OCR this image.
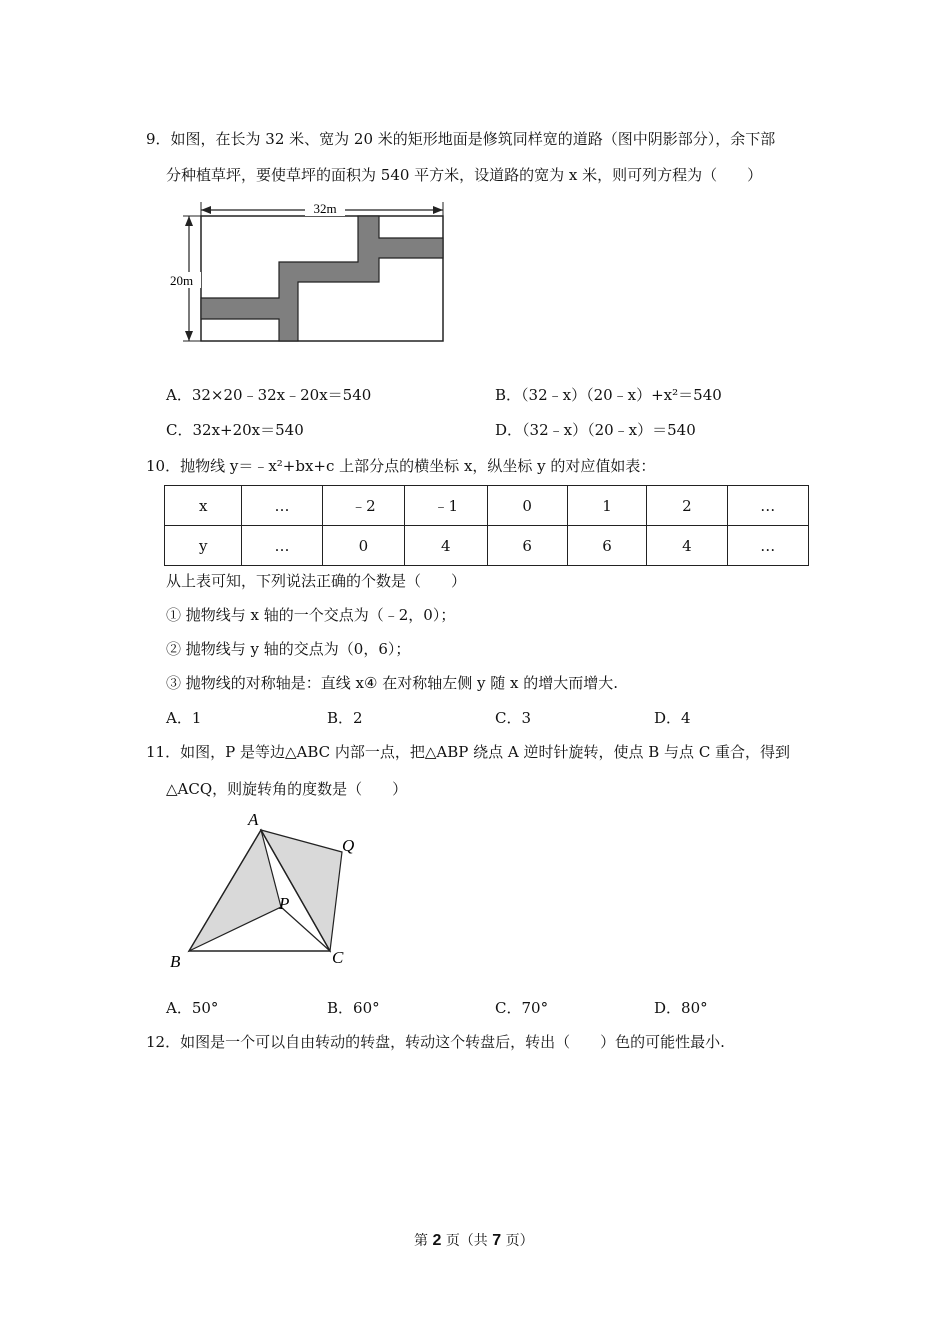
9．如图，在长为 32 米、宽为 20 米的矩形地面是修筑同样宽的道路（图中阴影部分），余下部
分种植草坪，要使草坪的面积为 540 平方米，设道路的宽为 x 米，则可列方程为（　　）
32m
20m
A．32×20﹣32x﹣20x＝540	B．（32﹣x）（20﹣x）+x²＝540
C．32x+20x＝540	D．（32﹣x）（20﹣x）＝540
10．抛物线 y＝﹣x²+bx+c 上部分点的横坐标 x，纵坐标 y 的对应值如表：
x	…	﹣2	﹣1	0	1	2	…
y	…	0	4	6	6	4	…
从上表可知，下列说法正确的个数是（　　）
① 抛物线与 x 轴的一个交点为（﹣2，0）；
② 抛物线与 y 轴的交点为（0，6）；
③ 抛物线的对称轴是：直线 x④ 在对称轴左侧 y 随 x 的增大而增大.
A．1	B．2	C．3	D．4
11．如图，P 是等边△ABC 内部一点，把△ABP 绕点 A 逆时针旋转，使点 B 与点 C 重合，得到
△ACQ，则旋转角的度数是（　　）
A
B	C
P
Q
A．50°	B．60°	C．70°	D．80°
12．如图是一个可以自由转动的转盘，转动这个转盘后，转出（　　）色的可能性最小.
第 2 页（共 7 页）
